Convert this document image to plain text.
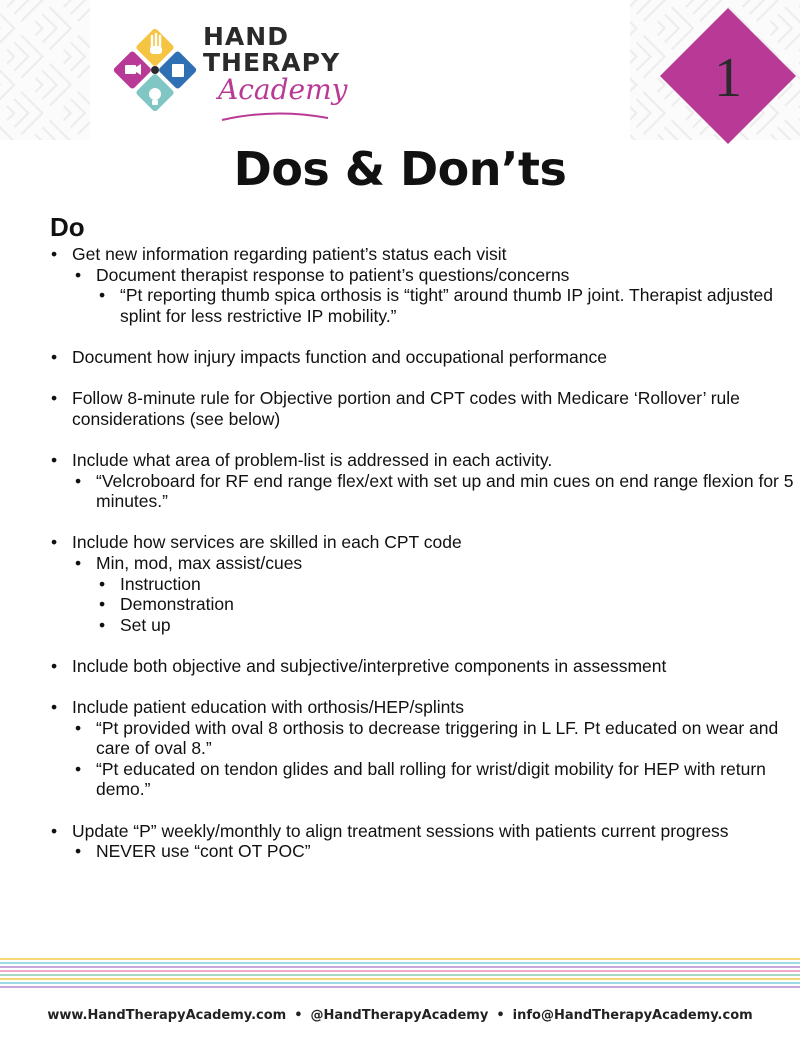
HAND
THERAPY
Academy	1
Dos & Don’ts
Do
• Get new information regarding patient’s status each visit
• Document therapist response to patient’s questions/concerns
• “Pt reporting thumb spica orthosis is “tight” around thumb IP joint. Therapist adjusted splint for less restrictive IP mobility.”
• Document how injury impacts function and occupational performance
• Follow 8-minute rule for Objective portion and CPT codes with Medicare ‘Rollover’ rule considerations (see below)
• Include what area of problem-list is addressed in each activity.
• “Velcroboard for RF end range flex/ext with set up and min cues on end range flexion for 5 minutes.”
• Include how services are skilled in each CPT code
• Min, mod, max assist/cues
• Instruction
• Demonstration
• Set up
• Include both objective and subjective/interpretive components in assessment
• Include patient education with orthosis/HEP/splints
• “Pt provided with oval 8 orthosis to decrease triggering in L LF. Pt educated on wear and care of oval 8.”
• “Pt educated on tendon glides and ball rolling for wrist/digit mobility for HEP with return demo.”
• Update “P” weekly/monthly to align treatment sessions with patients current progress
• NEVER use “cont OT POC”
www.HandTherapyAcademy.com • @HandTherapyAcademy • info@HandTherapyAcademy.com
